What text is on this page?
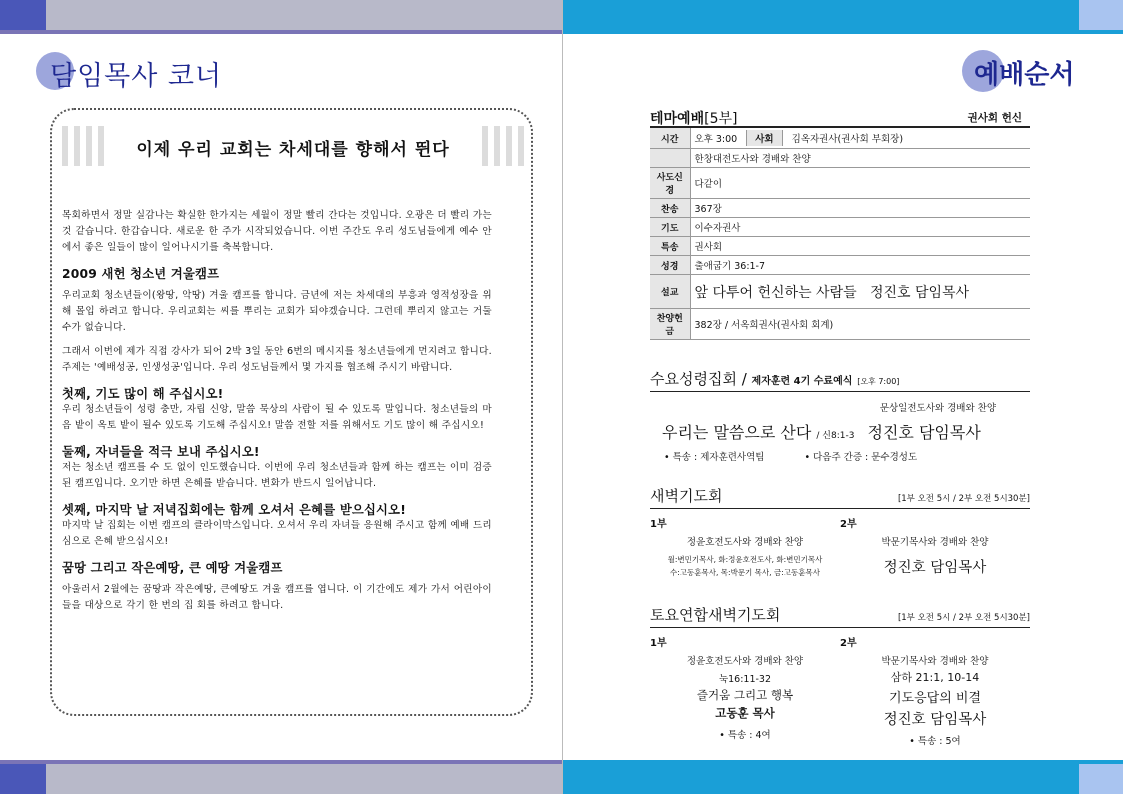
담임목사 코너
이제 우리 교회는 차세대를 향해서 뛴다

목회하면서 정말 실감나는 확실한 한가지는 세월이 정말 빨리 간다는 것입니다. 오광은 더 빨리 가는 것 같습니다. 한갑습니다. 새로운 한 주가 시작되었습니다. 이번 주간도 우리 성도님들에게 예수 안에서 좋은 일들이 많이 일어나시기를 축복합니다.

2009 새헌 청소년 겨울캠프

우리교회 청소년들이(왕땅, 악땅) 겨울 캠프를 합니다. 금년에 저는 차세대의 부흥과 영적성장을 위해 몰입 하려고 합니다. 우리교회는 씨를 뿌리는 교회가 되야겠습니다. 그런데 뿌리지 않고는 거둘 수가 없습니다.

그래서 이번에 제가 직접 강사가 되어 2박 3일 동안 6번의 메시지를 청소년들에게 먼지려고 합니다. 주제는 '예배성공, 인생성공'입니다. 우리 성도님들께서 몇 가지를 협조해 주시기 바랍니다.

첫째, 기도 많이 해 주십시오!

우리 청소년들이 성령 충만, 자립 신앙, 말씀 묵상의 사람이 될 수 있도록 말입니다. 청소년들의 마음 밭이 옥토 밭이 될수 있도록 기도해 주십시오! 말씀 전할 저를 위해서도 기도 많이 해 주십시오!

둘째, 자녀들을 적극 보내 주십시오!

저는 청소년 캠프를 수 도 없이 인도했습니다. 이번에 우리 청소년들과 함께 하는 캠프는 이미 검증된 캠프입니다. 오기만 하면 은혜를 받습니다. 변화가 반드시 일어납니다.

셋째, 마지막 날 저녁집회에는 함께 오셔서 은혜를 받으십시오!

마지막 날 집회는 이번 캠프의 클라이막스입니다. 오셔서 우리 자녀들 응원해 주시고 함께 예배 드리심으로 은혜 받으십시오!

꿈땅 그리고 작은예땅, 큰 예땅 겨울캠프

아울러서 2월에는 꿈땅과 작은예땅, 큰예땅도 겨울 캠프를 엽니다. 이 기간에도 제가 가서 어린아이들을 대상으로 각기 한 번의 집 회를 하려고 합니다.

예배순서
테마예배[5부]	권사회 헌신
시간	오후 3:00 사회 김옥자권사(권사회 부회장)
	한창대전도사와 경배와 찬양
사도신경	다같이
찬송	367장
기도	이수자권사
특송	권사회
성경	출애굽기 36:1-7
설교	앞 다투어 헌신하는 사람들   정진호 담임목사
찬양헌금	382장 / 서옥희권사(권사회 회계)
수요성령집회 / 제자훈련 4기 수료예식 [오후 7:00]
문상일전도사와 경배와 찬양
우리는 말씀으로 산다 / 신8:1-3 정진호 담임목사
• 특송 : 제자훈련사역팀	• 다음주 간증 : 문수경성도
새벽기도회	[1부 오전 5시 / 2부 오전 5시30분]
1부
정윤호전도사와 경배와 찬양
월:변민기목사, 화:정윤호전도사, 화:변민기목사
수:고동훈목사, 목:박문기 목사, 금:고동훈목사
2부
박문기목사와 경배와 찬양
정진호 담임목사
토요연합새벽기도회	[1부 오전 5시 / 2부 오전 5시30분]
1부
정윤호전도사와 경배와 찬양
눅16:11-32
즐거움 그리고 행복
고동훈 목사
• 특송 : 4여
2부
박문기목사와 경배와 찬양
삼하 21:1, 10-14
기도응답의 비결
정진호 담임목사
• 특송 : 5여
